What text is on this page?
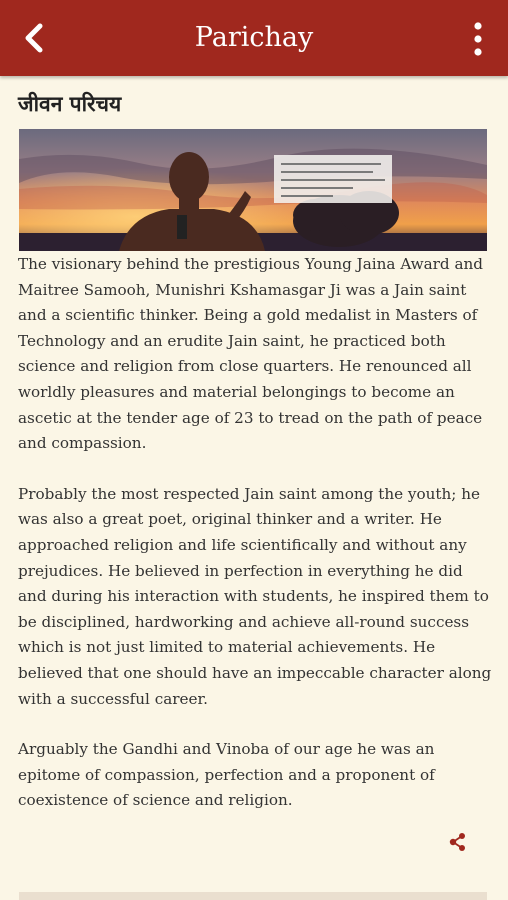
Parichay
जीवन परिचय

The visionary behind the prestigious Young Jaina Award and Maitree Samooh, Munishri Kshamasgar Ji was a Jain saint and a scientific thinker. Being a gold medalist in Masters of Technology and an erudite Jain saint, he practiced both science and religion from close quarters. He renounced all worldly pleasures and material belongings to become an ascetic at the tender age of 23 to tread on the path of peace and compassion.

Probably the most respected Jain saint among the youth; he was also a great poet, original thinker and a writer. He approached religion and life scientifically and without any prejudices. He believed in perfection in everything he did and during his interaction with students, he inspired them to be disciplined, hardworking and achieve all-round success which is not just limited to material achievements. He believed that one should have an impeccable character along with a successful career.

Arguably the Gandhi and Vinoba of our age he was an epitome of compassion, perfection and a proponent of coexistence of science and religion.
